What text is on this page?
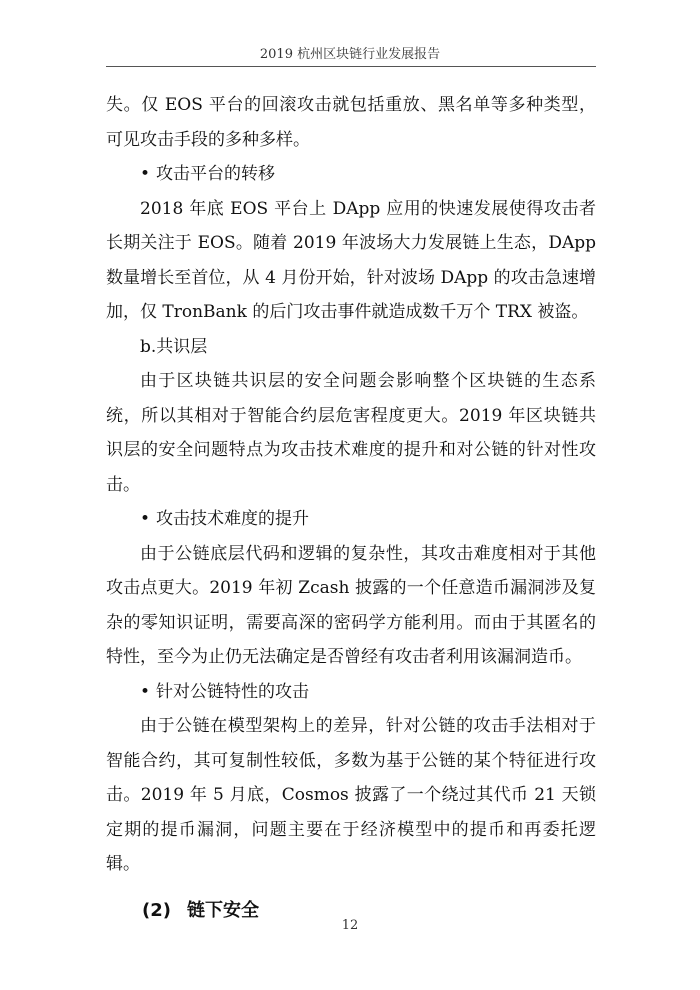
2019 杭州区块链行业发展报告

失。仅 EOS 平台的回滚攻击就包括重放、黑名单等多种类型，可见攻击手段的多种多样。

• 攻击平台的转移

2018 年底 EOS 平台上 DApp 应用的快速发展使得攻击者长期关注于 EOS。随着 2019 年波场大力发展链上生态，DApp 数量增长至首位，从 4 月份开始，针对波场 DApp 的攻击急速增加，仅 TronBank 的后门攻击事件就造成数千万个 TRX 被盗。

b.共识层

由于区块链共识层的安全问题会影响整个区块链的生态系统，所以其相对于智能合约层危害程度更大。2019 年区块链共识层的安全问题特点为攻击技术难度的提升和对公链的针对性攻击。

• 攻击技术难度的提升

由于公链底层代码和逻辑的复杂性，其攻击难度相对于其他攻击点更大。2019 年初 Zcash 披露的一个任意造币漏洞涉及复杂的零知识证明，需要高深的密码学方能利用。而由于其匿名的特性，至今为止仍无法确定是否曾经有攻击者利用该漏洞造币。

• 针对公链特性的攻击

由于公链在模型架构上的差异，针对公链的攻击手法相对于智能合约，其可复制性较低，多数为基于公链的某个特征进行攻击。2019 年 5 月底，Cosmos 披露了一个绕过其代币 21 天锁定期的提币漏洞，问题主要在于经济模型中的提币和再委托逻辑。

(2) 链下安全
12
